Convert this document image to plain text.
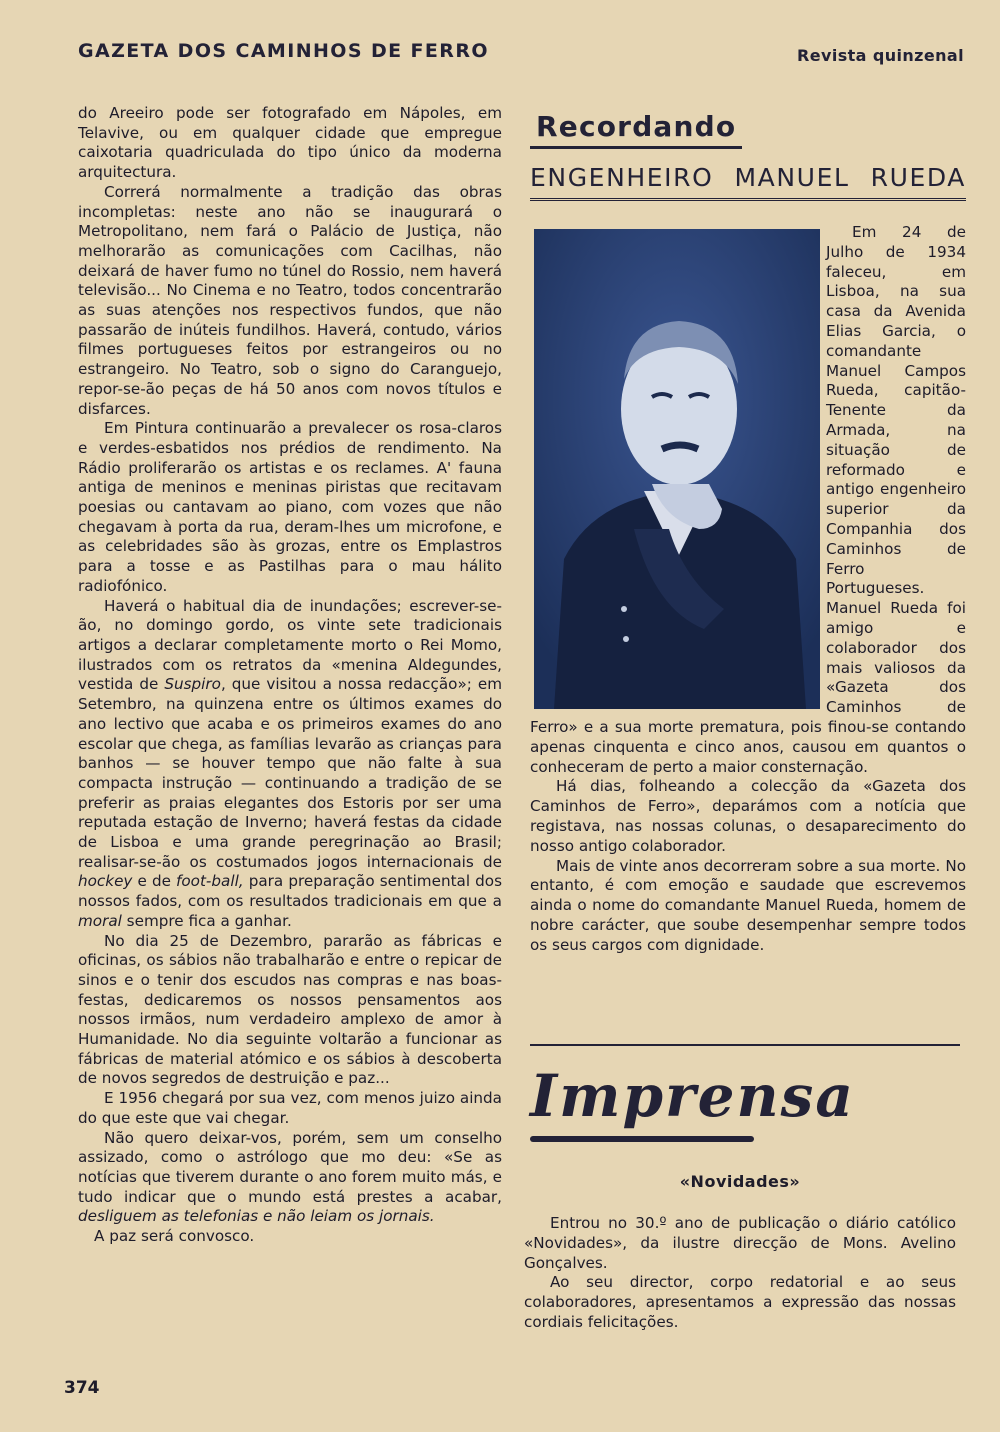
GAZETA DOS CAMINHOS DE FERRO	Revista quinzenal

do Areeiro pode ser fotografado em Nápoles, em Telavive, ou em qualquer cidade que empregue caixotaria quadriculada do tipo único da moderna arquitectura.

Correrá normalmente a tradição das obras incompletas: neste ano não se inaugurará o Metropolitano, nem fará o Palácio de Justiça, não melhorarão as comunicações com Cacilhas, não deixará de haver fumo no túnel do Rossio, nem haverá televisão... No Cinema e no Teatro, todos concentrarão as suas atenções nos respectivos fundos, que não passarão de inúteis fundilhos. Haverá, contudo, vários filmes portugueses feitos por estrangeiros ou no estrangeiro. No Teatro, sob o signo do Caranguejo, repor-se-ão peças de há 50 anos com novos títulos e disfarces.

Em Pintura continuarão a prevalecer os rosa-claros e verdes-esbatidos nos prédios de rendimento. Na Rádio proliferarão os artistas e os reclames. A' fauna antiga de meninos e meninas piristas que recitavam poesias ou cantavam ao piano, com vozes que não chegavam à porta da rua, deram-lhes um microfone, e as celebridades são às grozas, entre os Emplastros para a tosse e as Pastilhas para o mau hálito radiofónico.

Haverá o habitual dia de inundações; escrever-se-ão, no domingo gordo, os vinte sete tradicionais artigos a declarar completamente morto o Rei Momo, ilustrados com os retratos da «menina Aldegundes, vestida de Suspiro, que visitou a nossa redacção»; em Setembro, na quinzena entre os últimos exames do ano lectivo que acaba e os primeiros exames do ano escolar que chega, as famílias levarão as crianças para banhos — se houver tempo que não falte à sua compacta instrução — continuando a tradição de se preferir as praias elegantes dos Estoris por ser uma reputada estação de Inverno; haverá festas da cidade de Lisboa e uma grande peregrinação ao Brasil; realisar-se-ão os costumados jogos internacionais de hockey e de foot-ball, para preparação sentimental dos nossos fados, com os resultados tradicionais em que a moral sempre fica a ganhar.

No dia 25 de Dezembro, pararão as fábricas e oficinas, os sábios não trabalharão e entre o repicar de sinos e o tenir dos escudos nas compras e nas boas-festas, dedicaremos os nossos pensamentos aos nossos irmãos, num verdadeiro amplexo de amor à Humanidade. No dia seguinte voltarão a funcionar as fábricas de material atómico e os sábios à descoberta de novos segredos de destruição e paz...

E 1956 chegará por sua vez, com menos juizo ainda do que este que vai chegar.

Não quero deixar-vos, porém, sem um conselho assizado, como o astrólogo que mo deu: «Se as notícias que tiverem durante o ano forem muito más, e tudo indicar que o mundo está prestes a acabar, desliguem as telefonias e não leiam os jornais.

A paz será convosco.

Recordando
ENGENHEIRO MANUEL RUEDA

Em 24 de Julho de 1934 faleceu, em Lisboa, na sua casa da Avenida Elias Garcia, o comandante Manuel Campos Rueda, capitão-Tenente da Armada, na situação de reformado e antigo engenheiro superior da Companhia dos Caminhos de Ferro Portugueses. Manuel Rueda foi amigo e colaborador dos mais valiosos da «Gazeta dos Caminhos de Ferro» e a sua morte prematura, pois finou-se contando apenas cinquenta e cinco anos, causou em quantos o conheceram de perto a maior consternação.

Há dias, folheando a colecção da «Gazeta dos Caminhos de Ferro», deparámos com a notícia que registava, nas nossas colunas, o desaparecimento do nosso antigo colaborador.

Mais de vinte anos decorreram sobre a sua morte. No entanto, é com emoção e saudade que escrevemos ainda o nome do comandante Manuel Rueda, homem de nobre carácter, que soube desempenhar sempre todos os seus cargos com dignidade.

Imprensa
«Novidades»

Entrou no 30.º ano de publicação o diário católico «Novidades», da ilustre direcção de Mons. Avelino Gonçalves.

Ao seu director, corpo redatorial e ao seus colaboradores, apresentamos a expressão das nossas cordiais felicitações.

374
